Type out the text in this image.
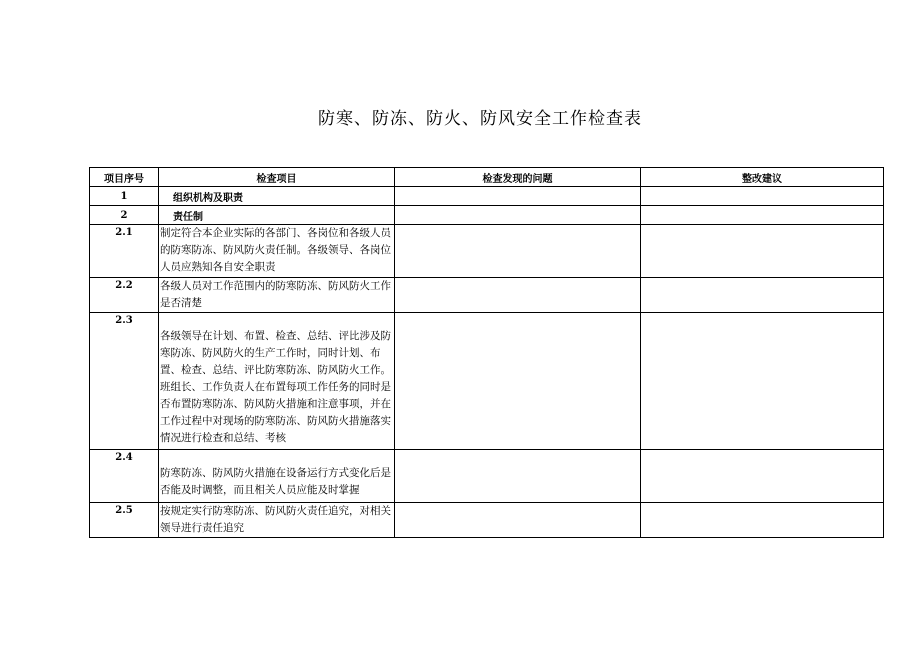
防寒、防冻、防火、防风安全工作检查表
项目序号	检查项目	检查发现的问题	整改建议
1	组织机构及职责		
2	责任制		
2.1	制定符合本企业实际的各部门、各岗位和各级人员的防寒防冻、防风防火责任制。各级领导、各岗位人员应熟知各自安全职责		
2.2	各级人员对工作范围内的防寒防冻、防风防火工作是否清楚		
2.3	各级领导在计划、布置、检查、总结、评比涉及防寒防冻、防风防火的生产工作时，同时计划、布置、检查、总结、评比防寒防冻、防风防火工作。班组长、工作负责人在布置每项工作任务的同时是否布置防寒防冻、防风防火措施和注意事项，并在工作过程中对现场的防寒防冻、防风防火措施落实情况进行检查和总结、考核		
2.4	防寒防冻、防风防火措施在设备运行方式变化后是否能及时调整，而且相关人员应能及时掌握		
2.5	按规定实行防寒防冻、防风防火责任追究，对相关领导进行责任追究		
